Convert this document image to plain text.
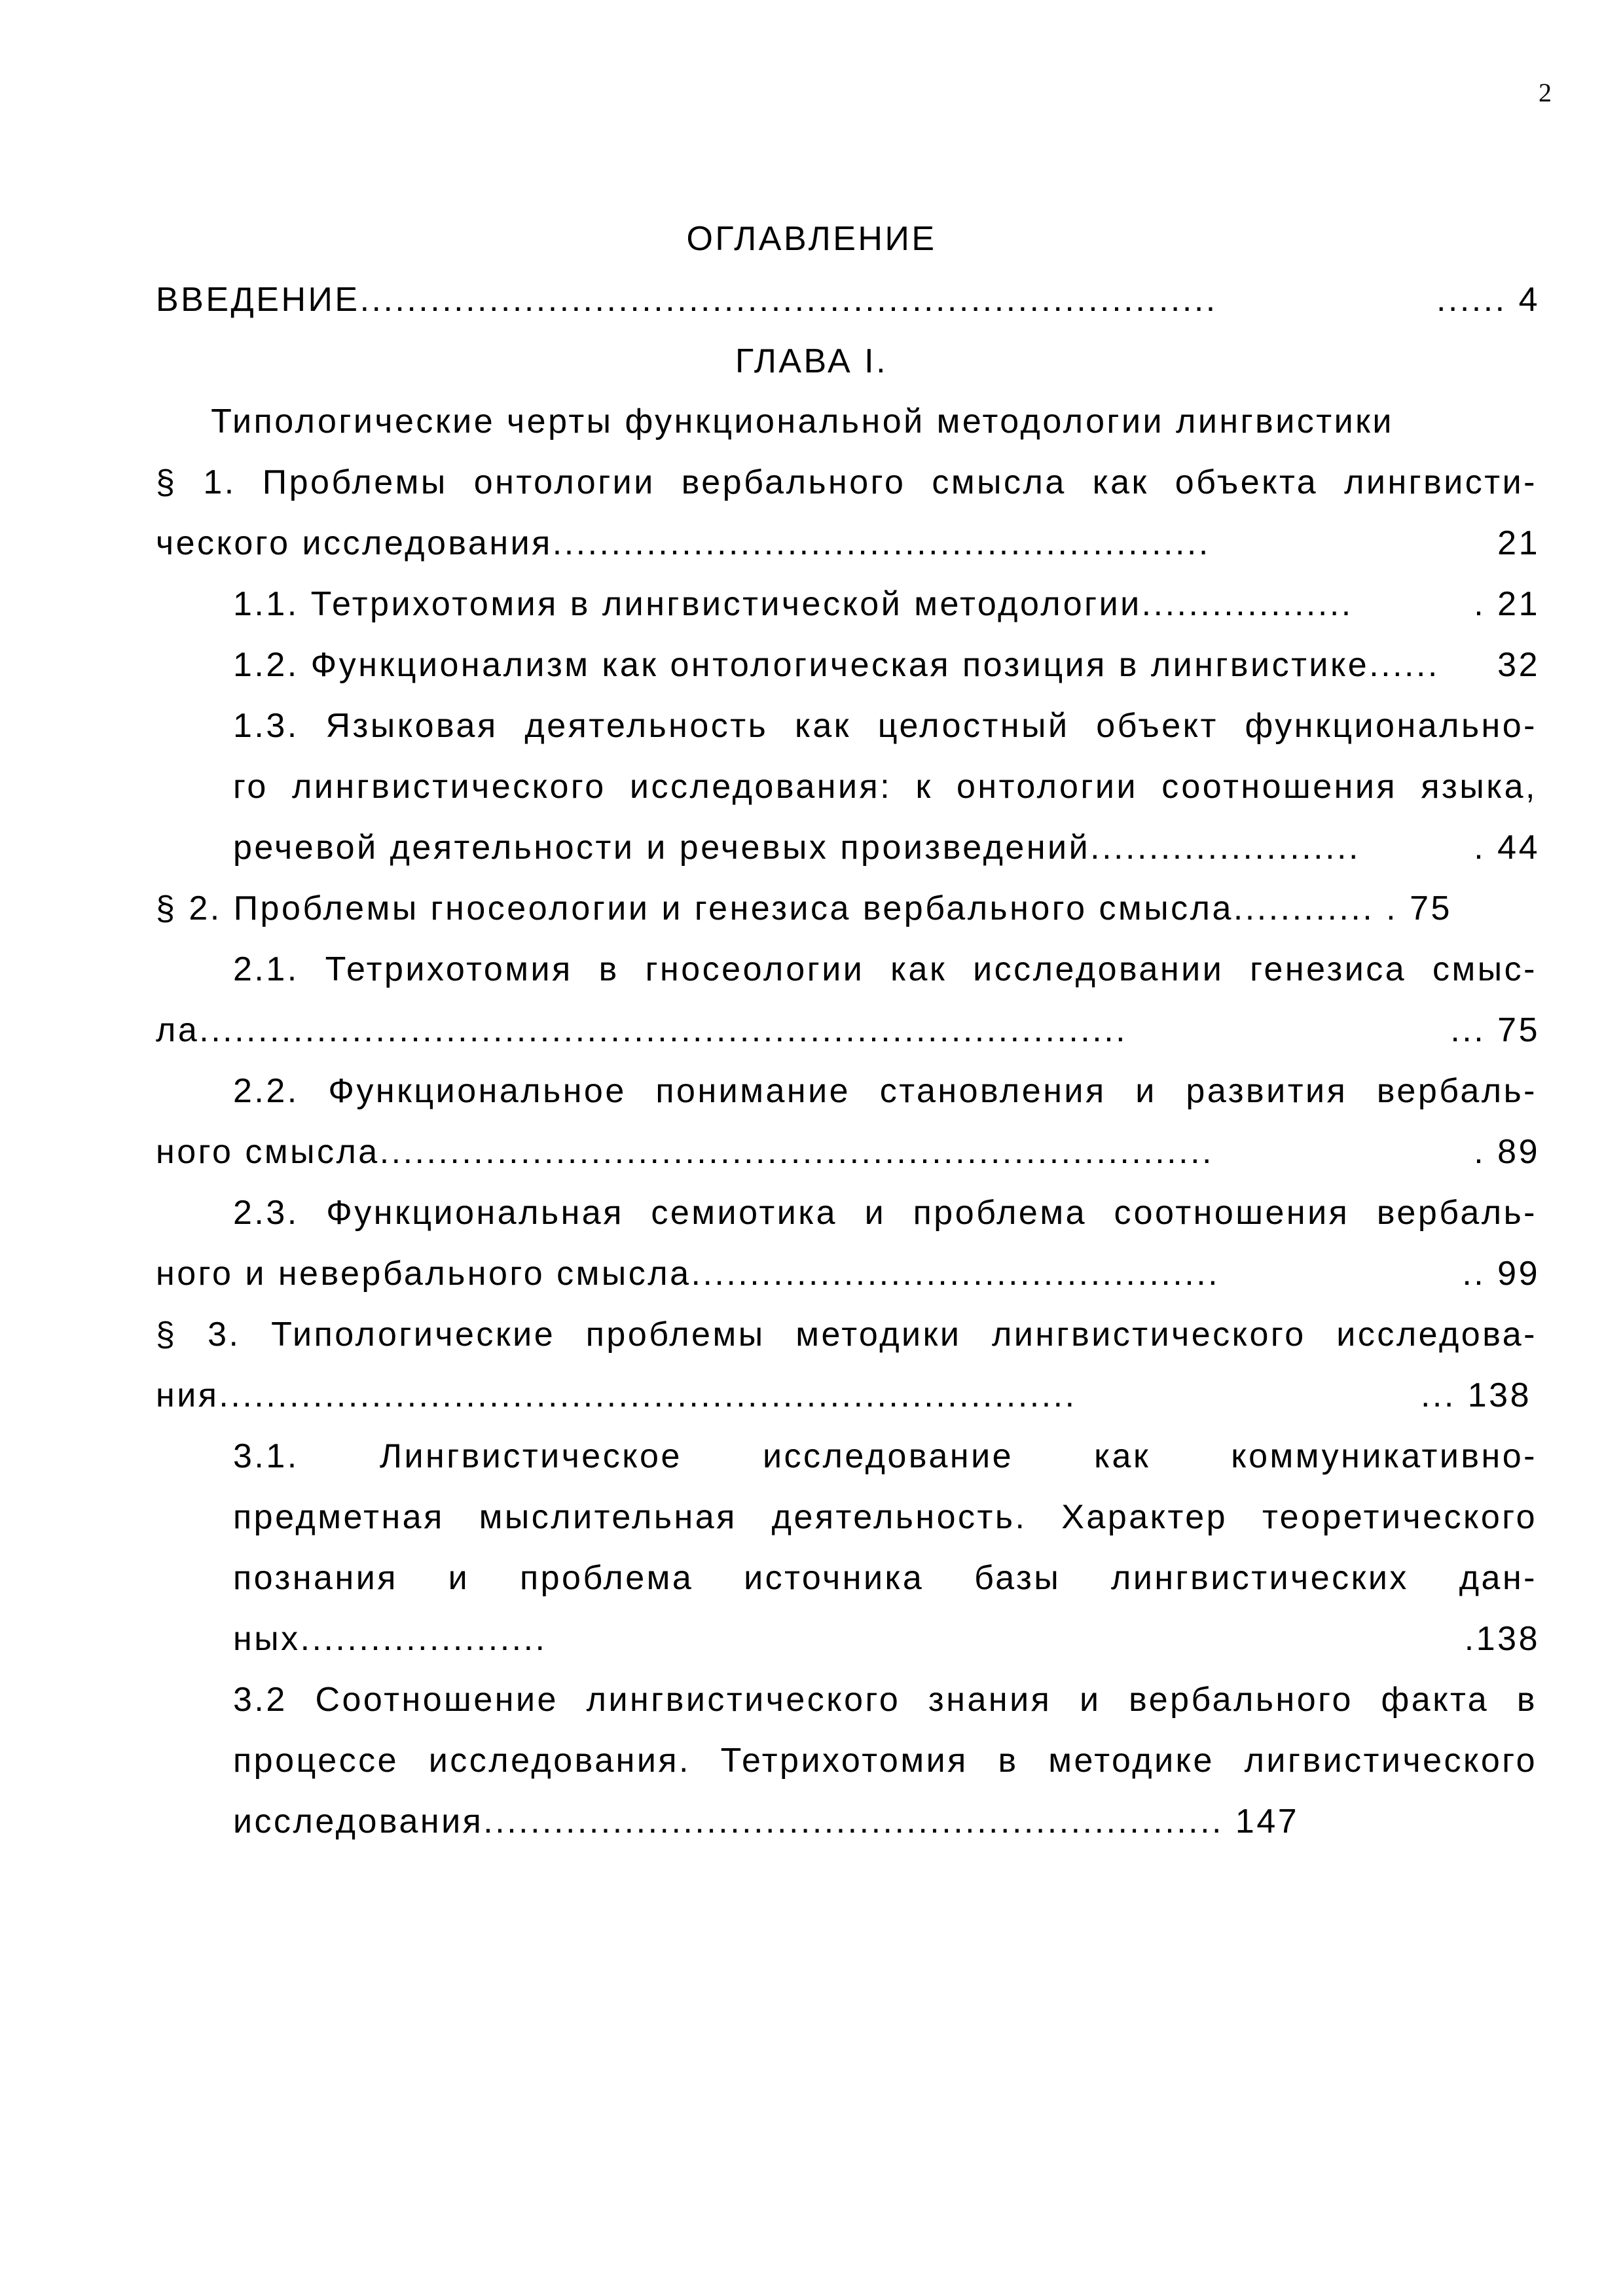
2
ОГЛАВЛЕНИЕ
ВВЕДЕНИЕ.........................................................................	...... 4
ГЛАВА I.
Типологические черты функциональной методологии лингвистики
§ 1. Проблемы онтологии вербального смысла как объекта лингвисти-
ческого исследования........................................................	21
1.1. Тетрихотомия в лингвистической методологии..................	. 21
1.2. Функционализм как онтологическая позиция в лингвистике...... 32
1.3. Языковая деятельность как целостный объект функционально-
го лингвистического исследования: к онтологии соотношения языка,
речевой деятельности и речевых произведений.......................	. 44
§ 2. Проблемы гносеологии и генезиса вербального смысла............ . 75
2.1. Тетрихотомия в гносеологии как исследовании генезиса смыс-
ла...............................................................................	... 75
2.2. Функциональное понимание становления и развития вербаль-
ного смысла.......................................................................	. 89
2.3. Функциональная семиотика и проблема соотношения вербаль-
ного и невербального смысла.............................................	.. 99
§ 3. Типологические проблемы методики лингвистического исследова-
ния.........................................................................	... 138
3.1. Лингвистическое исследование как коммуникативно-
предметная мыслительная деятельность. Характер теоретического
познания и проблема источника базы лингвистических дан-
ных.....................	.138
3.2 Соотношение лингвистического знания и вербального факта в
процессе исследования. Тетрихотомия в методике лигвистического
исследования............................................................... 147
